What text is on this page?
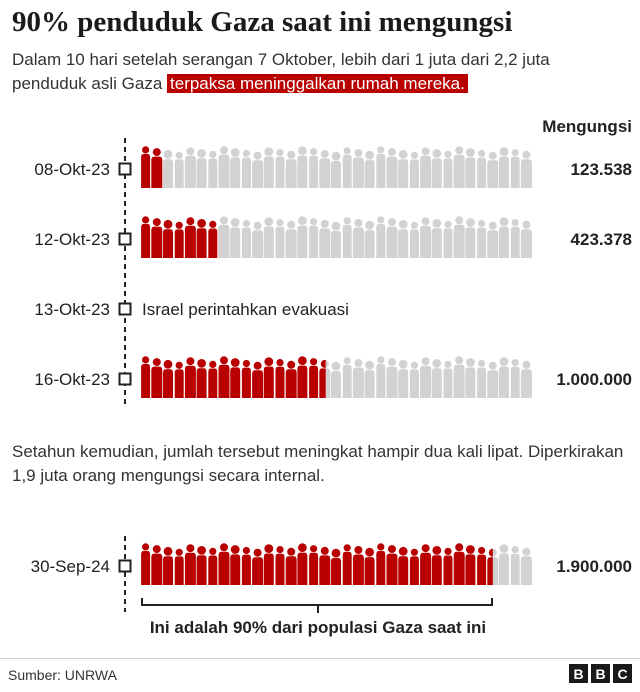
90% penduduk Gaza saat ini mengungsi

Dalam 10 hari setelah serangan 7 Oktober, lebih dari 1 juta dari 2,2 juta penduduk asli Gaza terpaksa meninggalkan rumah mereka.

Mengungsi
08-Okt-23	123.538
12-Okt-23	423.378
13-Okt-23 Israel perintahkan evakuasi
16-Okt-23	1.000.000
30-Sep-24	1.900.000
Ini adalah 90% dari populasi Gaza saat ini

Setahun kemudian, jumlah tersebut meningkat hampir dua kali lipat. Diperkirakan 1,9 juta orang mengungsi secara internal.

Sumber: UNRWA	B B C
